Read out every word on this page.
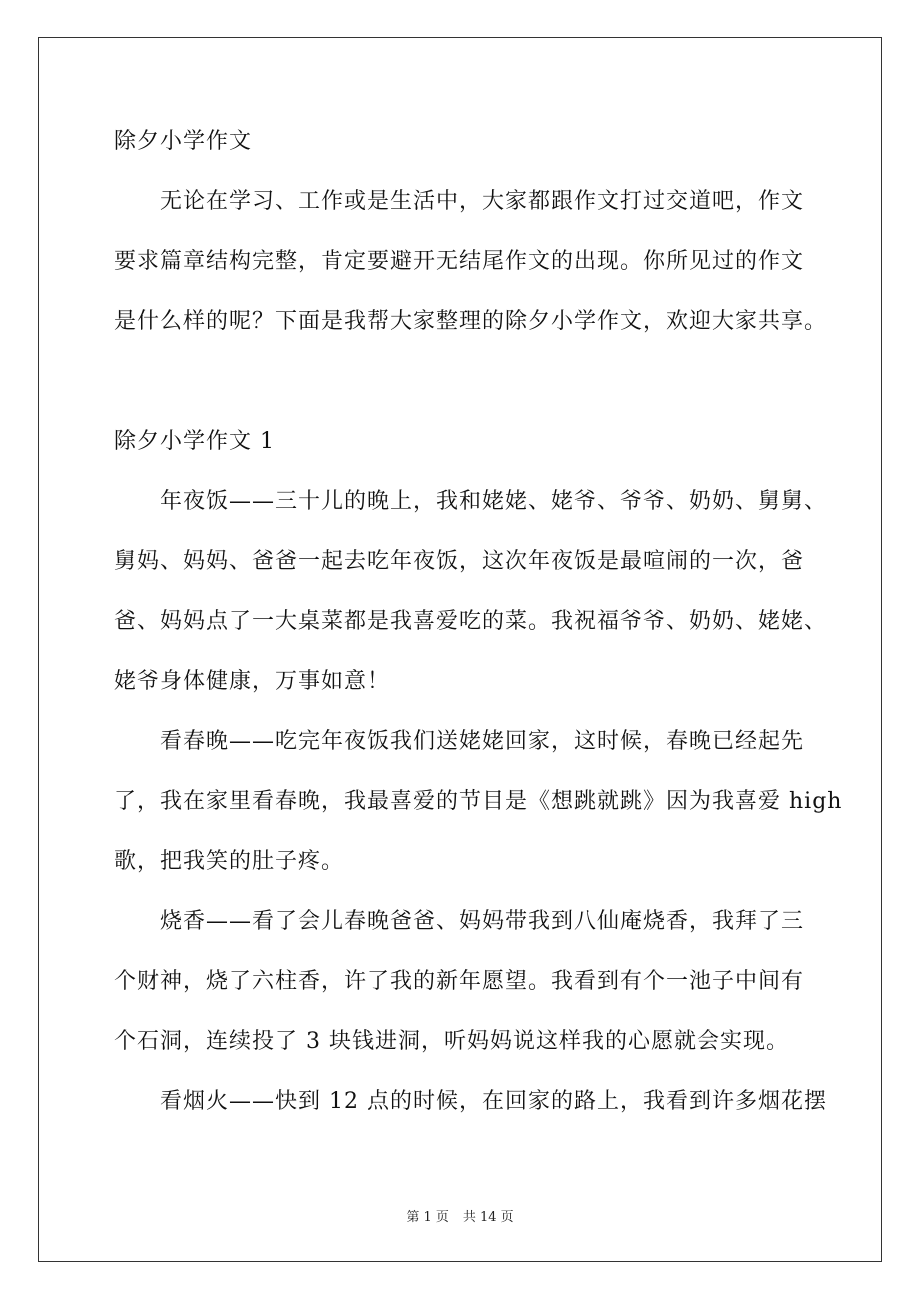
除夕小学作文
　　无论在学习、工作或是生活中，大家都跟作文打过交道吧，作文
要求篇章结构完整，肯定要避开无结尾作文的出现。你所见过的作文
是什么样的呢？下面是我帮大家整理的除夕小学作文，欢迎大家共享。
除夕小学作文 1
　　年夜饭——三十儿的晚上，我和姥姥、姥爷、爷爷、奶奶、舅舅、
舅妈、妈妈、爸爸一起去吃年夜饭，这次年夜饭是最喧闹的一次，爸
爸、妈妈点了一大桌菜都是我喜爱吃的菜。我祝福爷爷、奶奶、姥姥、
姥爷身体健康，万事如意！
　　看春晚——吃完年夜饭我们送姥姥回家，这时候，春晚已经起先
了，我在家里看春晚，我最喜爱的节目是《想跳就跳》因为我喜爱 high
歌，把我笑的肚子疼。
　　烧香——看了会儿春晚爸爸、妈妈带我到八仙庵烧香，我拜了三
个财神，烧了六柱香，许了我的新年愿望。我看到有个一池子中间有
个石洞，连续投了 3 块钱进洞，听妈妈说这样我的心愿就会实现。
　　看烟火——快到 12 点的时候，在回家的路上，我看到许多烟花摆
第 1 页 共 14 页
